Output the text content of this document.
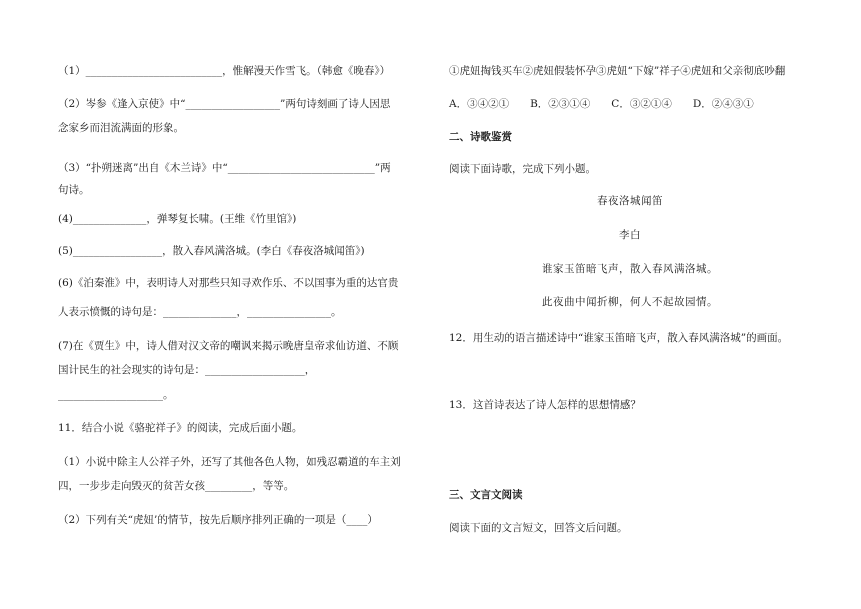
（1）__________________________，惟解漫天作雪飞。（韩愈《晚春》）
（2）岑参《逢入京使》中“__________________”两句诗刻画了诗人因思
念家乡而泪流满面的形象。
（3）“扑朔迷离”出自《木兰诗》中“____________________________”两
句诗。
(4)______________，弹琴复长啸。(王维《竹里馆》)
(5)_________________，散入春风满洛城。(李白《春夜洛城闻笛》)
(6)《泊秦淮》中，表明诗人对那些只知寻欢作乐、不以国事为重的达官贵
人表示愤慨的诗句是：______________，________________。
(7)在《贾生》中，诗人借对汉文帝的嘲讽来揭示晚唐皇帝求仙访道、不顾
国计民生的社会现实的诗句是：___________________，
____________________。
11．结合小说《骆驼祥子》的阅读，完成后面小题。
（1）小说中除主人公祥子外，还写了其他各色人物，如残忍霸道的车主刘
四，一步步走向毁灭的贫苦女孩_________，等等。
（2）下列有关“虎妞’的情节，按先后顺序排列正确的一项是（____）
①虎妞掏钱买车②虎妞假装怀孕③虎妞“下嫁”祥子④虎妞和父亲彻底吵翻
A．③④②①　　B．②③①④　　C．③②①④　　D．②④③①
二、诗歌鉴赏
阅读下面诗歌，完成下列小题。
春夜洛城闻笛
李白
谁家玉笛暗飞声，散入春风满洛城。
此夜曲中闻折柳，何人不起故园情。
12．用生动的语言描述诗中“谁家玉笛暗飞声，散入春风满洛城”的画面。
13．这首诗表达了诗人怎样的思想情感？
三、文言文阅读
阅读下面的文言短文，回答文后问题。
